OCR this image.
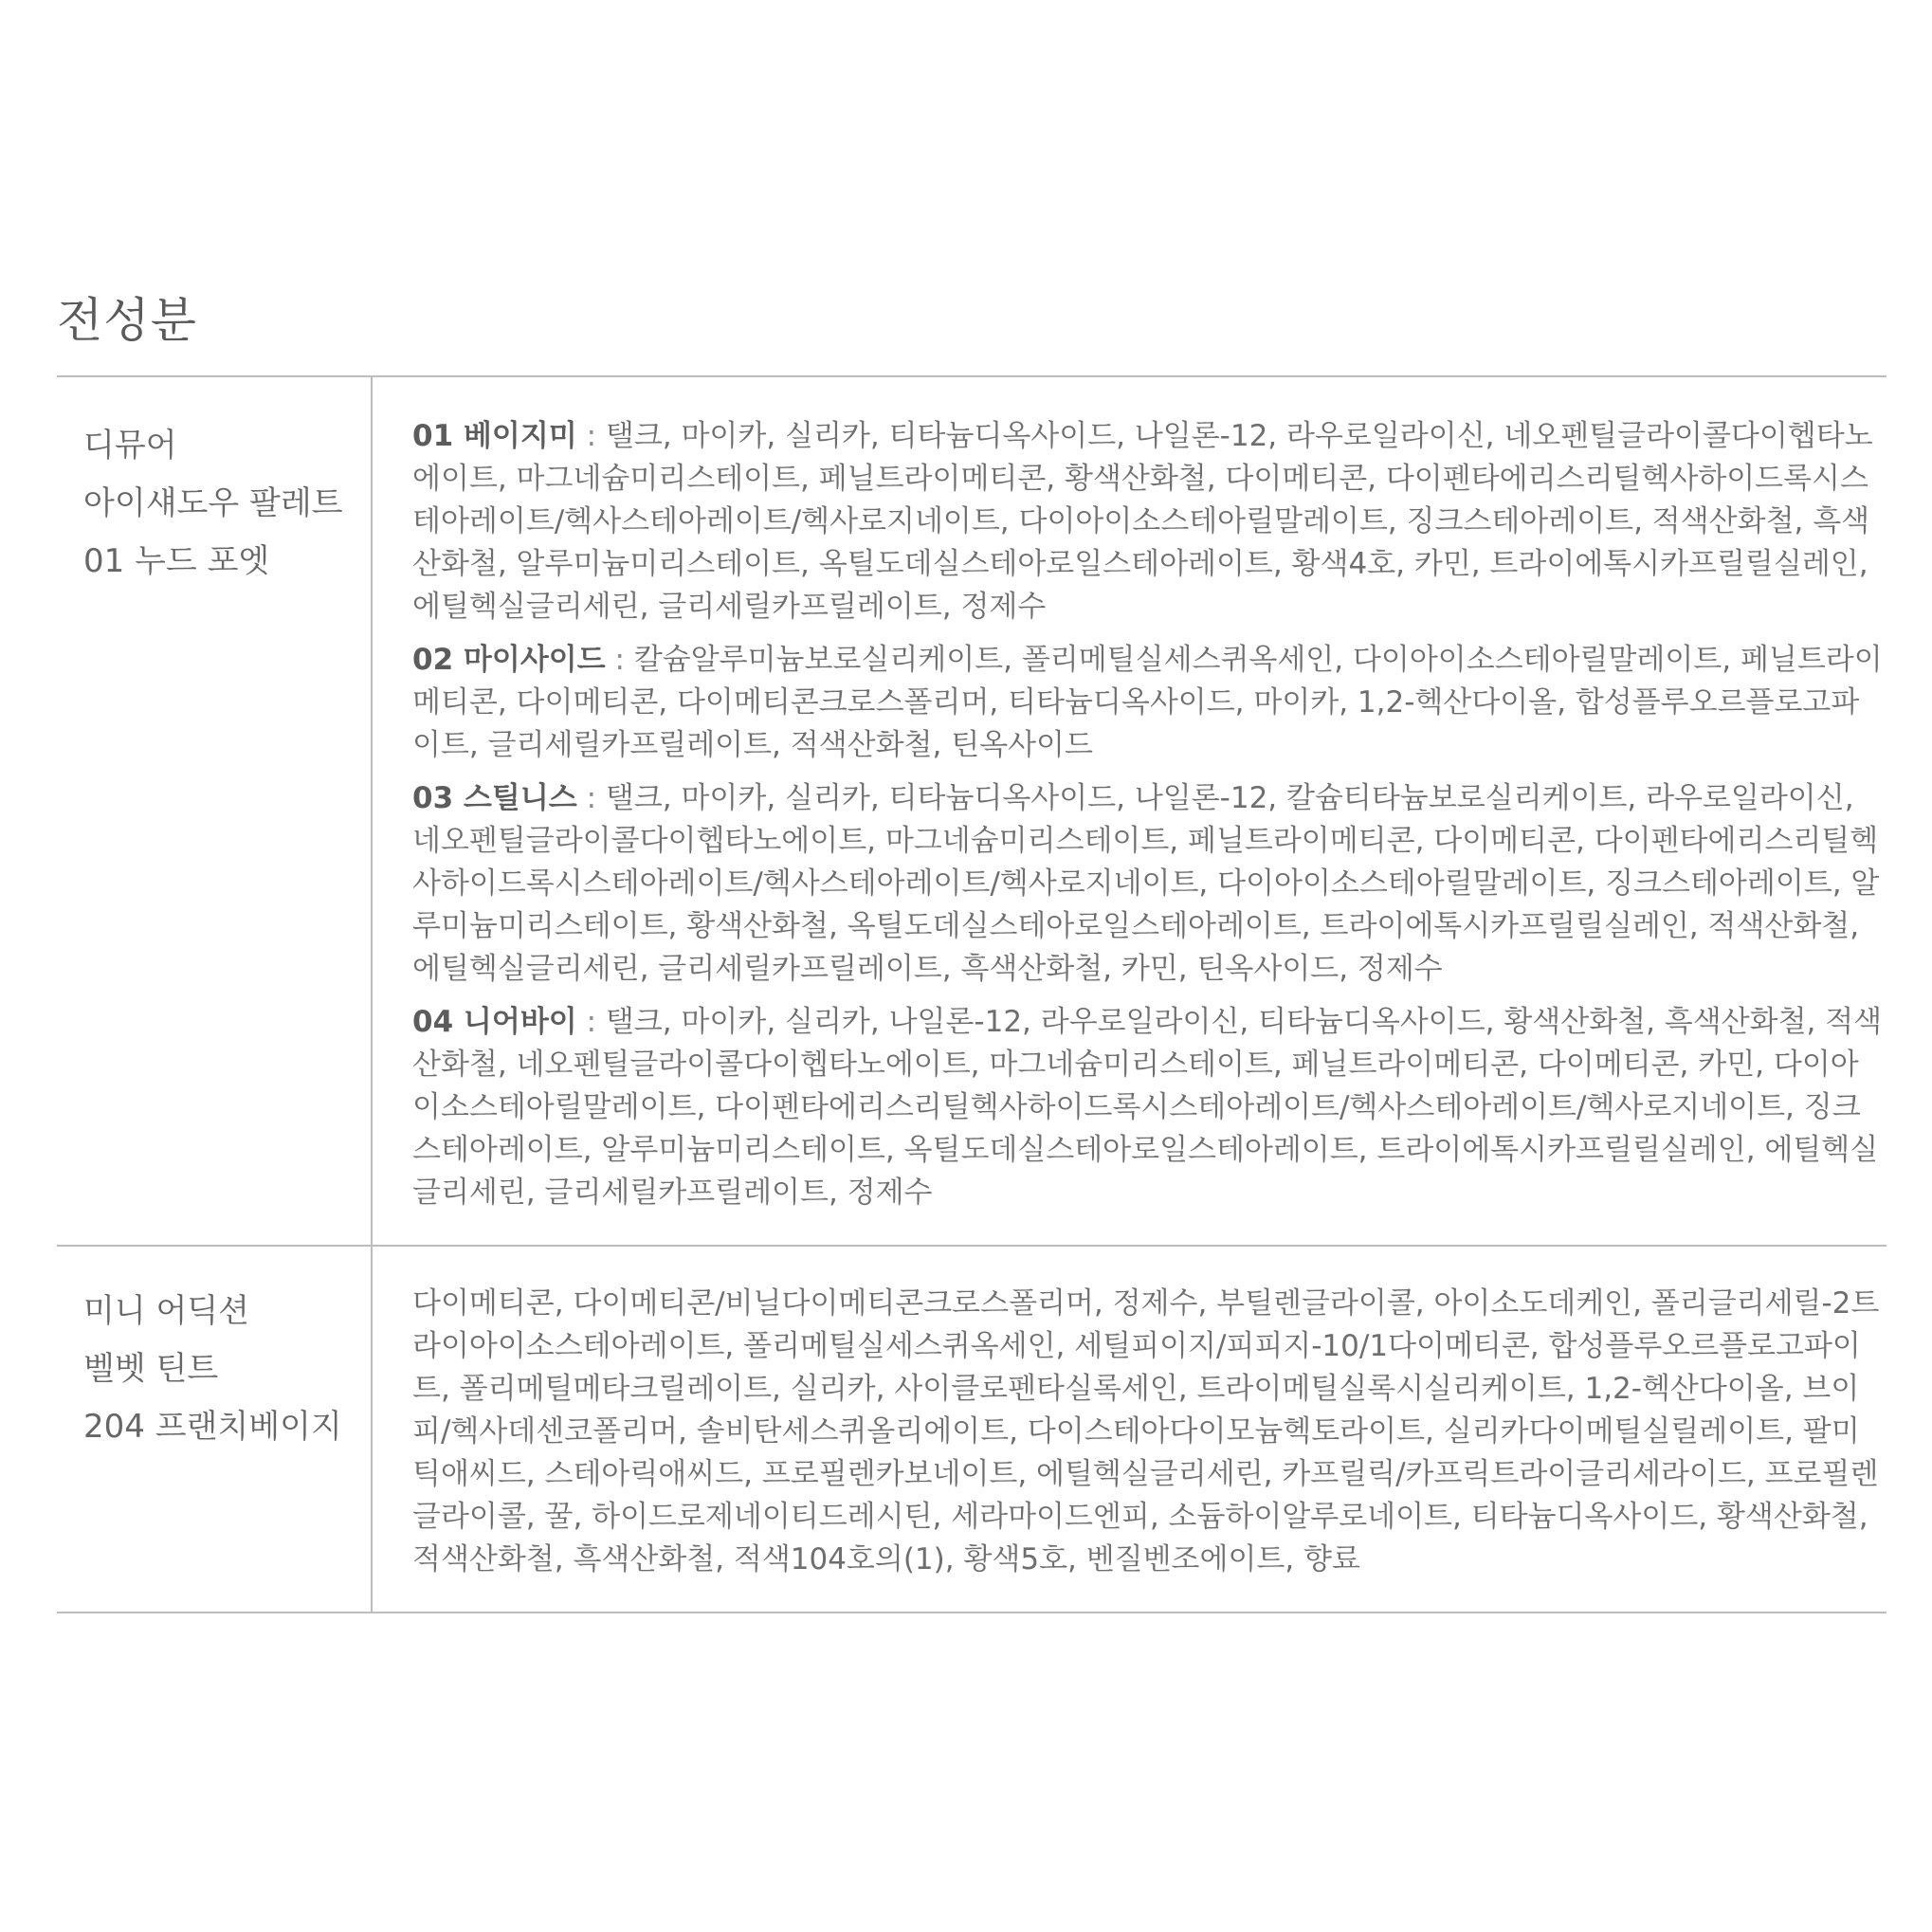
전성분
디뮤어
아이섀도우 팔레트
01 누드 포엣

01 베이지미 : 탤크, 마이카, 실리카, 티타늄디옥사이드, 나일론-12, 라우로일라이신, 네오펜틸글라이콜다이헵타노에이트, 마그네슘미리스테이트, 페닐트라이메티콘, 황색산화철, 다이메티콘, 다이펜타에리스리틸헥사하이드록시스테아레이트/헥사스테아레이트/헥사로지네이트, 다이아이소스테아릴말레이트, 징크스테아레이트, 적색산화철, 흑색산화철, 알루미늄미리스테이트, 옥틸도데실스테아로일스테아레이트, 황색4호, 카민, 트라이에톡시카프릴릴실레인, 에틸헥실글리세린, 글리세릴카프릴레이트, 정제수

02 마이사이드 : 칼슘알루미늄보로실리케이트, 폴리메틸실세스퀴옥세인, 다이아이소스테아릴말레이트, 페닐트라이메티콘, 다이메티콘, 다이메티콘크로스폴리머, 티타늄디옥사이드, 마이카, 1,2-헥산다이올, 합성플루오르플로고파이트, 글리세릴카프릴레이트, 적색산화철, 틴옥사이드

03 스틸니스 : 탤크, 마이카, 실리카, 티타늄디옥사이드, 나일론-12, 칼슘티타늄보로실리케이트, 라우로일라이신, 네오펜틸글라이콜다이헵타노에이트, 마그네슘미리스테이트, 페닐트라이메티콘, 다이메티콘, 다이펜타에리스리틸헥사하이드록시스테아레이트/헥사스테아레이트/헥사로지네이트, 다이아이소스테아릴말레이트, 징크스테아레이트, 알루미늄미리스테이트, 황색산화철, 옥틸도데실스테아로일스테아레이트, 트라이에톡시카프릴릴실레인, 적색산화철, 에틸헥실글리세린, 글리세릴카프릴레이트, 흑색산화철, 카민, 틴옥사이드, 정제수

04 니어바이 : 탤크, 마이카, 실리카, 나일론-12, 라우로일라이신, 티타늄디옥사이드, 황색산화철, 흑색산화철, 적색산화철, 네오펜틸글라이콜다이헵타노에이트, 마그네슘미리스테이트, 페닐트라이메티콘, 다이메티콘, 카민, 다이아이소스테아릴말레이트, 다이펜타에리스리틸헥사하이드록시스테아레이트/헥사스테아레이트/헥사로지네이트, 징크스테아레이트, 알루미늄미리스테이트, 옥틸도데실스테아로일스테아레이트, 트라이에톡시카프릴릴실레인, 에틸헥실글리세린, 글리세릴카프릴레이트, 정제수

미니 어딕션
벨벳 틴트
204 프랜치베이지

다이메티콘, 다이메티콘/비닐다이메티콘크로스폴리머, 정제수, 부틸렌글라이콜, 아이소도데케인, 폴리글리세릴-2트라이아이소스테아레이트, 폴리메틸실세스퀴옥세인, 세틸피이지/피피지-10/1다이메티콘, 합성플루오르플로고파이트, 폴리메틸메타크릴레이트, 실리카, 사이클로펜타실록세인, 트라이메틸실록시실리케이트, 1,2-헥산다이올, 브이피/헥사데센코폴리머, 솔비탄세스퀴올리에이트, 다이스테아다이모늄헥토라이트, 실리카다이메틸실릴레이트, 팔미틱애씨드, 스테아릭애씨드, 프로필렌카보네이트, 에틸헥실글리세린, 카프릴릭/카프릭트라이글리세라이드, 프로필렌글라이콜, 꿀, 하이드로제네이티드레시틴, 세라마이드엔피, 소듐하이알루로네이트, 티타늄디옥사이드, 황색산화철, 적색산화철, 흑색산화철, 적색104호의(1), 황색5호, 벤질벤조에이트, 향료
